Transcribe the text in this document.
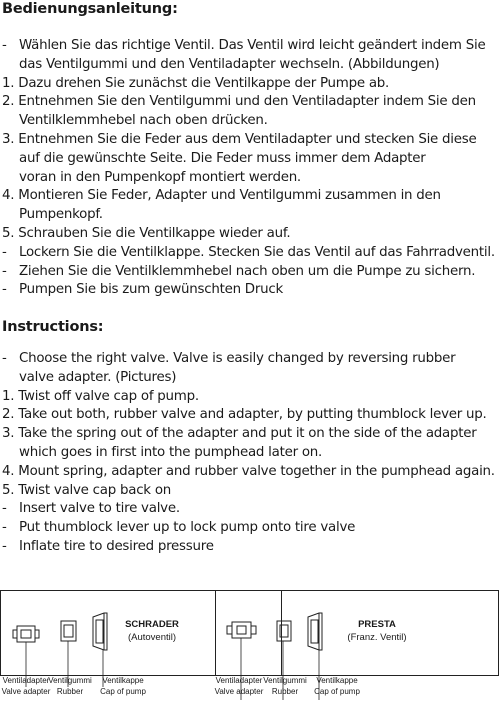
Bedienungsanleitung:
- Wählen Sie das richtige Ventil. Das Ventil wird leicht geändert indem Sie
das Ventilgummi und den Ventiladapter wechseln. (Abbildungen)
1. Dazu drehen Sie zunächst die Ventilkappe der Pumpe ab.
2. Entnehmen Sie den Ventilgummi und den Ventiladapter indem Sie den
Ventilklemmhebel nach oben drücken.
3. Entnehmen Sie die Feder aus dem Ventiladapter und stecken Sie diese
auf die gewünschte Seite. Die Feder muss immer dem Adapter
voran in den Pumpenkopf montiert werden.
4. Montieren Sie Feder, Adapter und Ventilgummi zusammen in den
Pumpenkopf.
5. Schrauben Sie die Ventilkappe wieder auf.
- Lockern Sie die Ventilklappe. Stecken Sie das Ventil auf das Fahrradventil.
- Ziehen Sie die Ventilklemmhebel nach oben um die Pumpe zu sichern.
- Pumpen Sie bis zum gewünschten Druck
Instructions:
- Choose the right valve. Valve is easily changed by reversing rubber
valve adapter. (Pictures)
1. Twist off valve cap of pump.
2. Take out both, rubber valve and adapter, by putting thumblock lever up.
3. Take the spring out of the adapter and put it on the side of the adapter
which goes in first into the pumphead later on.
4. Mount spring, adapter and rubber valve together in the pumphead again.
5. Twist valve cap back on
- Insert valve to tire valve.
- Put thumblock lever up to lock pump onto tire valve
- Inflate tire to desired pressure
SCHRADER
(Autoventil)
Ventiladapter
Valve adapter
Ventilgummi
Rubber
Ventilkappe
Cap of pump
PRESTA
(Franz. Ventil)
Ventiladapter
Valve adapter
Ventilgummi
Rubber
Ventilkappe
Cap of pump
